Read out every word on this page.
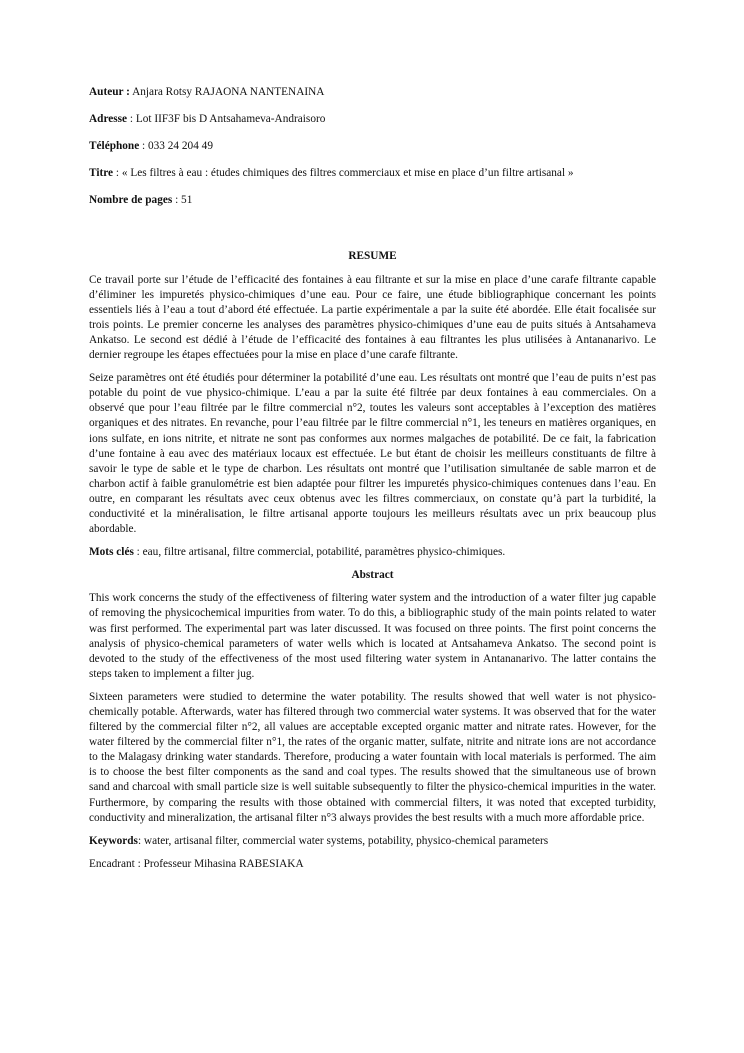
Auteur : Anjara Rotsy RAJAONA NANTENAINA

Adresse : Lot IIF3F bis D Antsahameva-Andraisoro

Téléphone : 033 24 204 49

Titre : « Les filtres à eau : études chimiques des filtres commerciaux et mise en place d’un filtre artisanal »

Nombre de pages : 51

RESUME

Ce travail porte sur l’étude de l’efficacité des fontaines à eau filtrante et sur la mise en place d’une carafe filtrante capable d’éliminer les impuretés physico-chimiques d’une eau. Pour ce faire, une étude bibliographique concernant les points essentiels liés à l’eau a tout d’abord été effectuée. La partie expérimentale a par la suite été abordée. Elle était focalisée sur trois points. Le premier concerne les analyses des paramètres physico-chimiques d’une eau de puits situés à Antsahameva Ankatso. Le second est dédié à l’étude de l’efficacité des fontaines à eau filtrantes les plus utilisées à Antananarivo. Le dernier regroupe les étapes effectuées pour la mise en place d’une carafe filtrante.

Seize paramètres ont été étudiés pour déterminer la potabilité d’une eau. Les résultats ont montré que l’eau de puits n’est pas potable du point de vue physico-chimique. L’eau a par la suite été filtrée par deux fontaines à eau commerciales. On a observé que pour l’eau filtrée par le filtre commercial n°2, toutes les valeurs sont acceptables à l’exception des matières organiques et des nitrates. En revanche, pour l’eau filtrée par le filtre commercial n°1, les teneurs en matières organiques, en ions sulfate, en ions nitrite, et nitrate ne sont pas conformes aux normes malgaches de potabilité. De ce fait, la fabrication d’une fontaine à eau avec des matériaux locaux est effectuée. Le but étant de choisir les meilleurs constituants de filtre à savoir le type de sable et le type de charbon. Les résultats ont montré que l’utilisation simultanée de sable marron et de charbon actif à faible granulométrie est bien adaptée pour filtrer les impuretés physico-chimiques contenues dans l’eau. En outre, en comparant les résultats avec ceux obtenus avec les filtres commerciaux, on constate qu’à part la turbidité, la conductivité et la minéralisation, le filtre artisanal apporte toujours les meilleurs résultats avec un prix beaucoup plus abordable.

Mots clés : eau, filtre artisanal, filtre commercial, potabilité, paramètres physico-chimiques.

Abstract

This work concerns the study of the effectiveness of filtering water system and the introduction of a water filter jug capable of removing the physicochemical impurities from water. To do this, a bibliographic study of the main points related to water was first performed. The experimental part was later discussed. It was focused on three points. The first point concerns the analysis of physico-chemical parameters of water wells which is located at Antsahameva Ankatso. The second point is devoted to the study of the effectiveness of the most used filtering water system in Antananarivo. The latter contains the steps taken to implement a filter jug.

Sixteen parameters were studied to determine the water potability. The results showed that well water is not physico-chemically potable. Afterwards, water has filtered through two commercial water systems. It was observed that for the water filtered by the commercial filter n°2, all values are acceptable excepted organic matter and nitrate rates. However, for the water filtered by the commercial filter n°1, the rates of the organic matter, sulfate, nitrite and nitrate ions are not accordance to the Malagasy drinking water standards. Therefore, producing a water fountain with local materials is performed. The aim is to choose the best filter components as the sand and coal types. The results showed that the simultaneous use of brown sand and charcoal with small particle size is well suitable subsequently to filter the physico-chemical impurities in the water. Furthermore, by comparing the results with those obtained with commercial filters, it was noted that excepted turbidity, conductivity and mineralization, the artisanal filter n°3 always provides the best results with a much more affordable price.

Keywords: water, artisanal filter, commercial water systems, potability, physico-chemical parameters

Encadrant : Professeur Mihasina RABESIAKA
